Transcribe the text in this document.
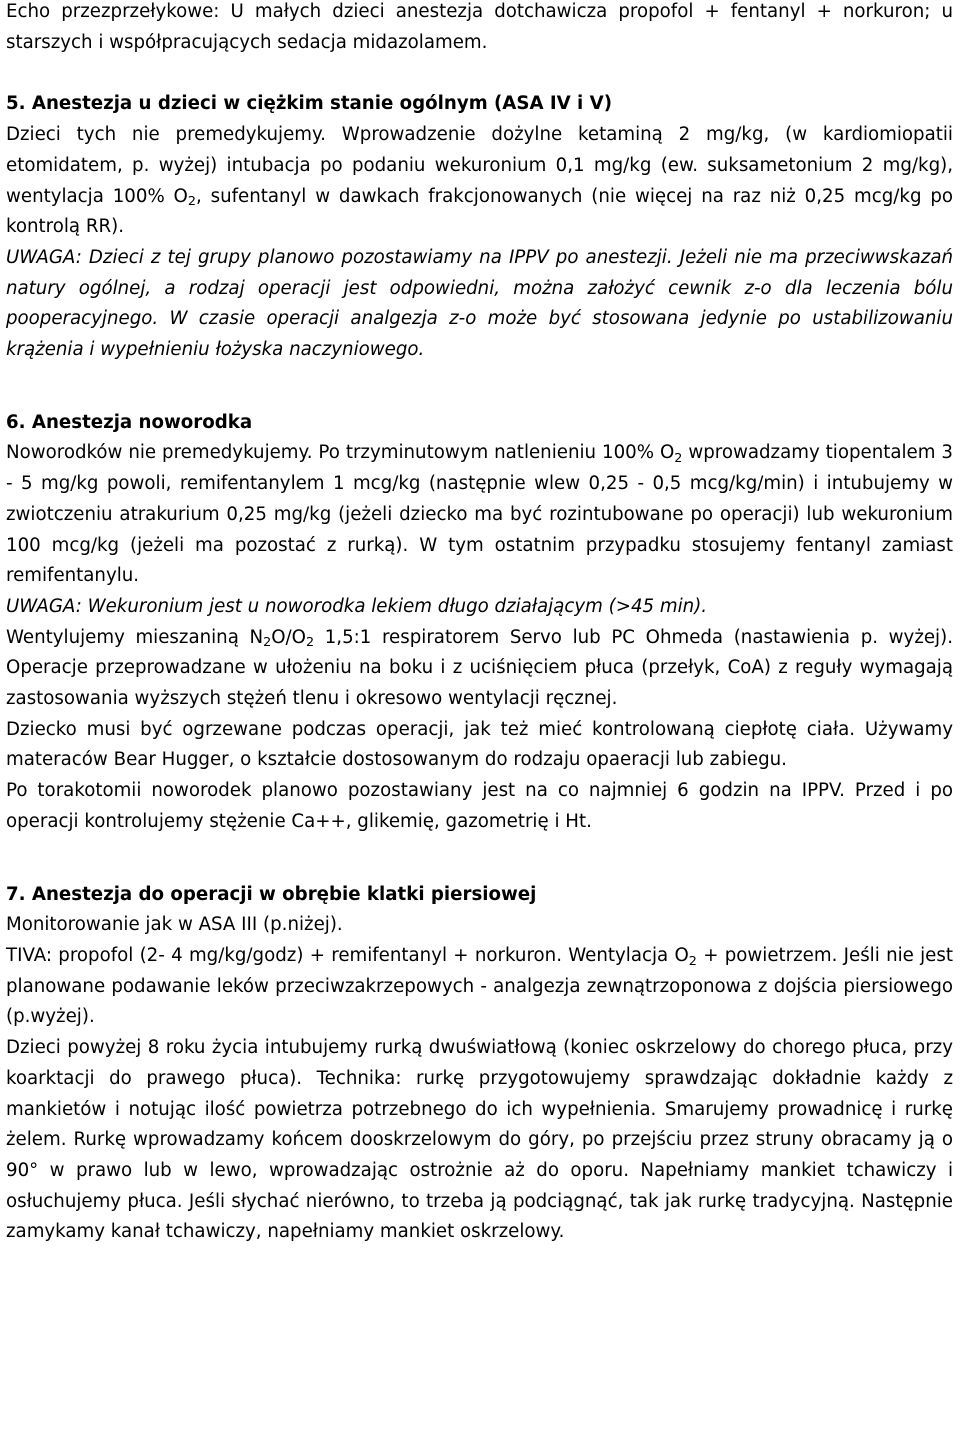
Echo przezprzełykowe: U małych dzieci anestezja dotchawicza propofol + fentanyl + norkuron; u starszych i współpracujących sedacja midazolamem.

5. Anestezja u dzieci w ciężkim stanie ogólnym (ASA IV i V)

Dzieci tych nie premedykujemy. Wprowadzenie dożylne ketaminą 2 mg/kg, (w kardiomiopatii etomidatem, p. wyżej) intubacja po podaniu wekuronium 0,1 mg/kg (ew. suksametonium 2 mg/kg), wentylacja 100% $O_2$, sufentanyl w dawkach frakcjonowanych (nie więcej na raz niż 0,25 mcg/kg po kontrolą RR).

UWAGA: Dzieci z tej grupy planowo pozostawiamy na IPPV po anestezji. Jeżeli nie ma przeciwwskazań natury ogólnej, a rodzaj operacji jest odpowiedni, można założyć cewnik z-o dla leczenia bólu pooperacyjnego. W czasie operacji analgezja z-o może być stosowana jedynie po ustabilizowaniu krążenia i wypełnieniu łożyska naczyniowego.

6. Anestezja noworodka

Noworodków nie premedykujemy. Po trzyminutowym natlenieniu 100% $O_2$ wprowadzamy tiopentalem 3 - 5 mg/kg powoli, remifentanylem 1 mcg/kg (następnie wlew 0,25 - 0,5 mcg/kg/min) i intubujemy w zwiotczeniu atrakurium 0,25 mg/kg (jeżeli dziecko ma być rozintubowane po operacji) lub wekuronium 100 mcg/kg (jeżeli ma pozostać z rurką). W tym ostatnim przypadku stosujemy fentanyl zamiast remifentanylu.

UWAGA: Wekuronium jest u noworodka lekiem długo działającym (>45 min).

Wentylujemy mieszaniną $N_2O/O_2$ 1,5:1 respiratorem Servo lub PC Ohmeda (nastawienia p. wyżej). Operacje przeprowadzane w ułożeniu na boku i z uciśnięciem płuca (przełyk, CoA) z reguły wymagają zastosowania wyższych stężeń tlenu i okresowo wentylacji ręcznej.

Dziecko musi być ogrzewane podczas operacji, jak też mieć kontrolowaną ciepłotę ciała. Używamy materaców Bear Hugger, o kształcie dostosowanym do rodzaju opaeracji lub zabiegu.

Po torakotomii noworodek planowo pozostawiany jest na co najmniej 6 godzin na IPPV. Przed i po operacji kontrolujemy stężenie Ca++, glikemię, gazometrię i Ht.

7. Anestezja do operacji w obrębie klatki piersiowej

Monitorowanie jak w ASA III (p.niżej).

TIVA: propofol (2- 4 mg/kg/godz) + remifentanyl + norkuron. Wentylacja $O_2$ + powietrzem. Jeśli nie jest planowane podawanie leków przeciwzakrzepowych - analgezja zewnątrzoponowa z dojścia piersiowego (p.wyżej).

Dzieci powyżej 8 roku życia intubujemy rurką dwuświatłową (koniec oskrzelowy do chorego płuca, przy koarktacji do prawego płuca). Technika: rurkę przygotowujemy sprawdzając dokładnie każdy z mankietów i notując ilość powietrza potrzebnego do ich wypełnienia. Smarujemy prowadnicę i rurkę żelem. Rurkę wprowadzamy końcem dooskrzelowym do góry, po przejściu przez struny obracamy ją o 90° w prawo lub w lewo, wprowadzając ostrożnie aż do oporu. Napełniamy mankiet tchawiczy i osłuchujemy płuca. Jeśli słychać nierówno, to trzeba ją podciągnąć, tak jak rurkę tradycyjną. Następnie zamykamy kanał tchawiczy, napełniamy mankiet oskrzelowy.
